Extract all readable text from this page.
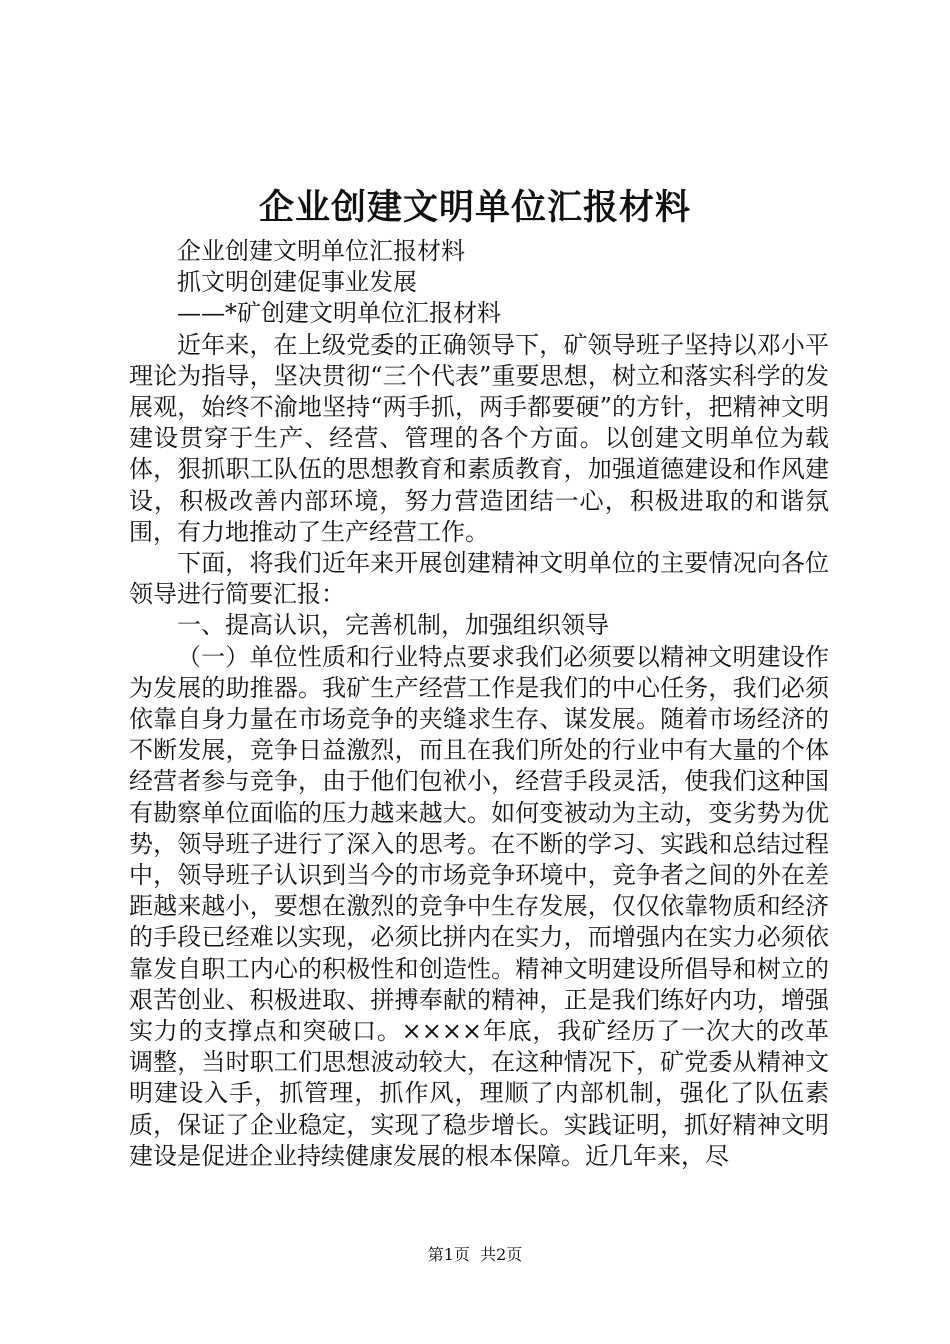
企业创建文明单位汇报材料

企业创建文明单位汇报材料

抓文明创建促事业发展

——*矿创建文明单位汇报材料

近年来，在上级党委的正确领导下，矿领导班子坚持以邓小平理论为指导，坚决贯彻“三个代表”重要思想，树立和落实科学的发展观，始终不渝地坚持“两手抓，两手都要硬”的方针，把精神文明建设贯穿于生产、经营、管理的各个方面。以创建文明单位为载体，狠抓职工队伍的思想教育和素质教育，加强道德建设和作风建设，积极改善内部环境，努力营造团结一心，积极进取的和谐氛围，有力地推动了生产经营工作。

下面，将我们近年来开展创建精神文明单位的主要情况向各位领导进行简要汇报：

一、提高认识，完善机制，加强组织领导

（一）单位性质和行业特点要求我们必须要以精神文明建设作为发展的助推器。我矿生产经营工作是我们的中心任务，我们必须依靠自身力量在市场竞争的夹缝求生存、谋发展。随着市场经济的不断发展，竞争日益激烈，而且在我们所处的行业中有大量的个体经营者参与竞争，由于他们包袱小，经营手段灵活，使我们这种国有勘察单位面临的压力越来越大。如何变被动为主动，变劣势为优势，领导班子进行了深入的思考。在不断的学习、实践和总结过程中，领导班子认识到当今的市场竞争环境中，竞争者之间的外在差距越来越小，要想在激烈的竞争中生存发展，仅仅依靠物质和经济的手段已经难以实现，必须比拼内在实力，而增强内在实力必须依靠发自职工内心的积极性和创造性。精神文明建设所倡导和树立的艰苦创业、积极进取、拼搏奉献的精神，正是我们练好内功，增强实力的支撑点和突破口。××××年底，我矿经历了一次大的改革调整，当时职工们思想波动较大，在这种情况下，矿党委从精神文明建设入手，抓管理，抓作风，理顺了内部机制，强化了队伍素质，保证了企业稳定，实现了稳步增长。实践证明，抓好精神文明建设是促进企业持续健康发展的根本保障。近几年来，尽

第1页 共2页
